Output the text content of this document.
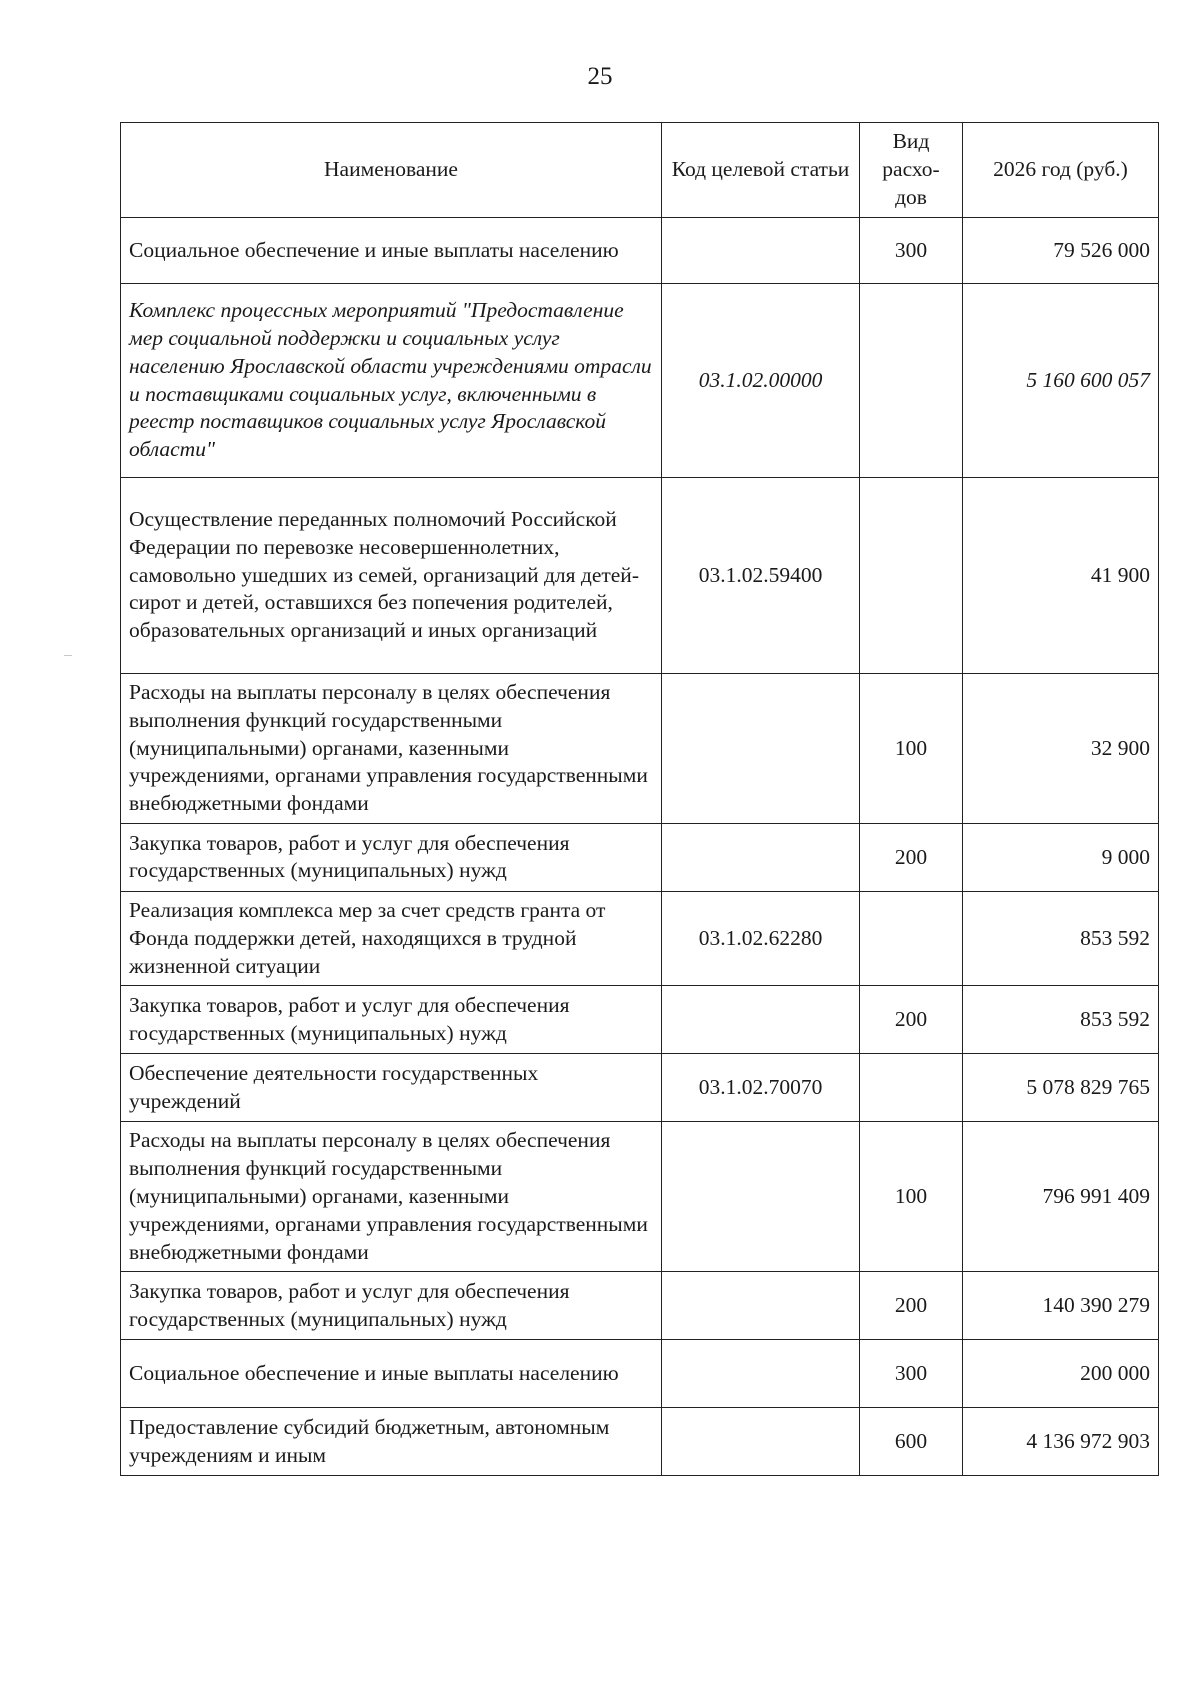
25
Наименование	Код целевой статьи	Вид расхо- дов	2026 год (руб.)
Социальное обеспечение и иные выплаты населению		300	79 526 000
Комплекс процессных мероприятий "Предоставление мер социальной поддержки и социальных услуг населению Ярославской области учреждениями отрасли и поставщиками социальных услуг, включенными в реестр поставщиков социальных услуг Ярославской области"	03.1.02.00000		5 160 600 057
Осуществление переданных полномочий Российской Федерации по перевозке несовершеннолетних, самовольно ушедших из семей, организаций для детей-сирот и детей, оставшихся без попечения родителей, образовательных организаций и иных организаций	03.1.02.59400		41 900
Расходы на выплаты персоналу в целях обеспечения выполнения функций государственными (муниципальными) органами, казенными учреждениями, органами управления государственными внебюджетными фондами		100	32 900
Закупка товаров, работ и услуг для обеспечения государственных (муниципальных) нужд		200	9 000
Реализация комплекса мер за счет средств гранта от Фонда поддержки детей, находящихся в трудной жизненной ситуации	03.1.02.62280		853 592
Закупка товаров, работ и услуг для обеспечения государственных (муниципальных) нужд		200	853 592
Обеспечение деятельности государственных учреждений	03.1.02.70070		5 078 829 765
Расходы на выплаты персоналу в целях обеспечения выполнения функций государственными (муниципальными) органами, казенными учреждениями, органами управления государственными внебюджетными фондами		100	796 991 409
Закупка товаров, работ и услуг для обеспечения государственных (муниципальных) нужд		200	140 390 279
Социальное обеспечение и иные выплаты населению		300	200 000
Предоставление субсидий бюджетным, автономным учреждениям и иным		600	4 136 972 903
